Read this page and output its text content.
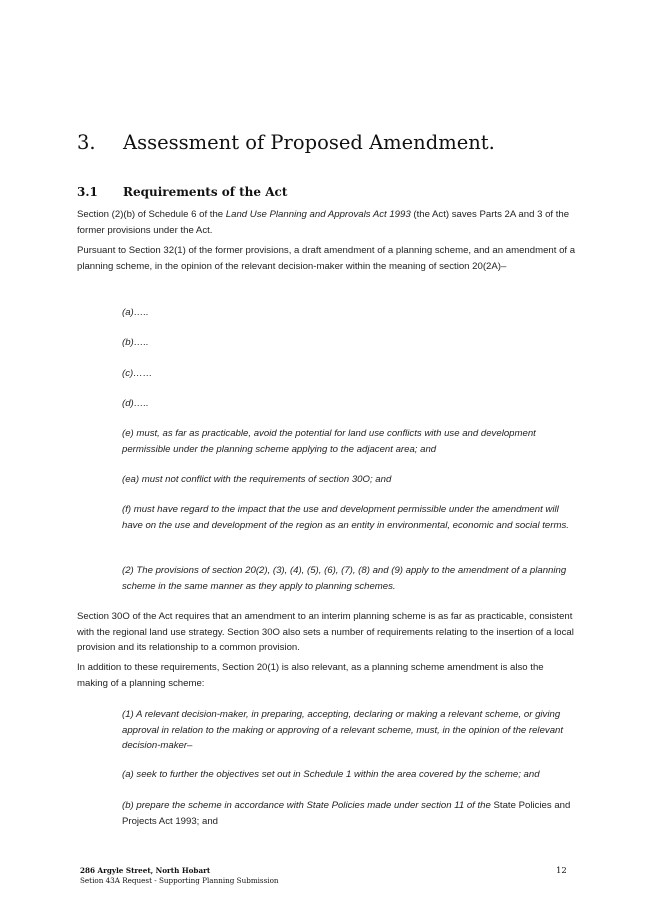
3. Assessment of Proposed Amendment.
3.1 Requirements of the Act
Section (2)(b) of Schedule 6 of the Land Use Planning and Approvals Act 1993 (the Act) saves Parts 2A and 3 of the former provisions under the Act.
Pursuant to Section 32(1) of the former provisions, a draft amendment of a planning scheme, and an amendment of a planning scheme, in the opinion of the relevant decision-maker within the meaning of section 20(2A)–
(a)…..
(b)…..
(c)……
(d)…..
(e) must, as far as practicable, avoid the potential for land use conflicts with use and development permissible under the planning scheme applying to the adjacent area; and
(ea) must not conflict with the requirements of section 30O; and
(f) must have regard to the impact that the use and development permissible under the amendment will have on the use and development of the region as an entity in environmental, economic and social terms.
(2) The provisions of section 20(2), (3), (4), (5), (6), (7), (8) and (9) apply to the amendment of a planning scheme in the same manner as they apply to planning schemes.
Section 30O of the Act requires that an amendment to an interim planning scheme is as far as practicable, consistent with the regional land use strategy. Section 30O also sets a number of requirements relating to the insertion of a local provision and its relationship to a common provision.
In addition to these requirements, Section 20(1) is also relevant, as a planning scheme amendment is also the making of a planning scheme:
(1) A relevant decision-maker, in preparing, accepting, declaring or making a relevant scheme, or giving approval in relation to the making or approving of a relevant scheme, must, in the opinion of the relevant decision-maker–
(a) seek to further the objectives set out in Schedule 1 within the area covered by the scheme; and
(b) prepare the scheme in accordance with State Policies made under section 11 of the State Policies and Projects Act 1993; and
286 Argyle Street, North Hobart
Setion 43A Request - Supporting Planning Submission
12
